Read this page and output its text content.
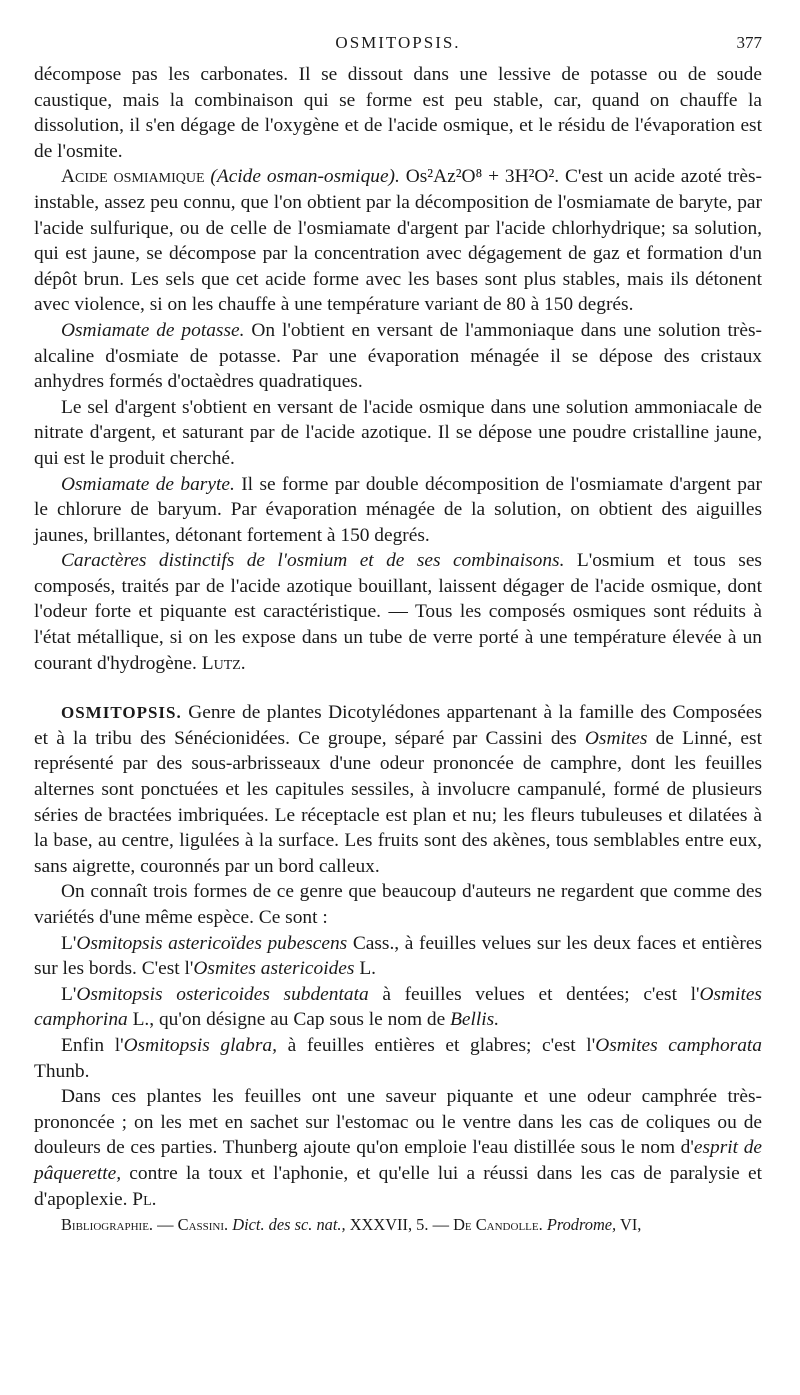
OSMITOPSIS.	377

décompose pas les carbonates. Il se dissout dans une lessive de potasse ou de soude caustique, mais la combinaison qui se forme est peu stable, car, quand on chauffe la dissolution, il s'en dégage de l'oxygène et de l'acide osmique, et le résidu de l'évaporation est de l'osmite.

Acide osmiamique (Acide osman-osmique). Os²Az²O⁸ + 3H²O². C'est un acide azoté très-instable, assez peu connu, que l'on obtient par la décomposition de l'osmiamate de baryte, par l'acide sulfurique, ou de celle de l'osmiamate d'argent par l'acide chlorhydrique; sa solution, qui est jaune, se décompose par la concentration avec dégagement de gaz et formation d'un dépôt brun. Les sels que cet acide forme avec les bases sont plus stables, mais ils détonent avec violence, si on les chauffe à une température variant de 80 à 150 degrés.

Osmiamate de potasse. On l'obtient en versant de l'ammoniaque dans une solution très-alcaline d'osmiate de potasse. Par une évaporation ménagée il se dépose des cristaux anhydres formés d'octaèdres quadratiques.

Le sel d'argent s'obtient en versant de l'acide osmique dans une solution ammoniacale de nitrate d'argent, et saturant par de l'acide azotique. Il se dépose une poudre cristalline jaune, qui est le produit cherché.

Osmiamate de baryte. Il se forme par double décomposition de l'osmiamate d'argent par le chlorure de baryum. Par évaporation ménagée de la solution, on obtient des aiguilles jaunes, brillantes, détonant fortement à 150 degrés.

Caractères distinctifs de l'osmium et de ses combinaisons. L'osmium et tous ses composés, traités par de l'acide azotique bouillant, laissent dégager de l'acide osmique, dont l'odeur forte et piquante est caractéristique. — Tous les composés osmiques sont réduits à l'état métallique, si on les expose dans un tube de verre porté à une température élevée à un courant d'hydrogène. Lutz.

OSMITOPSIS. Genre de plantes Dicotylédones appartenant à la famille des Composées et à la tribu des Sénécionidées. Ce groupe, séparé par Cassini des Osmites de Linné, est représenté par des sous-arbrisseaux d'une odeur prononcée de camphre, dont les feuilles alternes sont ponctuées et les capitules sessiles, à involucre campanulé, formé de plusieurs séries de bractées imbriquées. Le réceptacle est plan et nu; les fleurs tubuleuses et dilatées à la base, au centre, ligulées à la surface. Les fruits sont des akènes, tous semblables entre eux, sans aigrette, couronnés par un bord calleux.

On connaît trois formes de ce genre que beaucoup d'auteurs ne regardent que comme des variétés d'une même espèce. Ce sont :

L'Osmitopsis astericoïdes pubescens Cass., à feuilles velues sur les deux faces et entières sur les bords. C'est l'Osmites astericoides L.

L'Osmitopsis ostericoides subdentata à feuilles velues et dentées; c'est l'Osmites camphorina L., qu'on désigne au Cap sous le nom de Bellis.

Enfin l'Osmitopsis glabra, à feuilles entières et glabres; c'est l'Osmites camphorata Thunb.

Dans ces plantes les feuilles ont une saveur piquante et une odeur camphrée très-prononcée ; on les met en sachet sur l'estomac ou le ventre dans les cas de coliques ou de douleurs de ces parties. Thunberg ajoute qu'on emploie l'eau distillée sous le nom d'esprit de pâquerette, contre la toux et l'aphonie, et qu'elle lui a réussi dans les cas de paralysie et d'apoplexie. Pl.

Bibliographie. — Cassini. Dict. des sc. nat., XXXVII, 5. — De Candolle. Prodrome, VI,
